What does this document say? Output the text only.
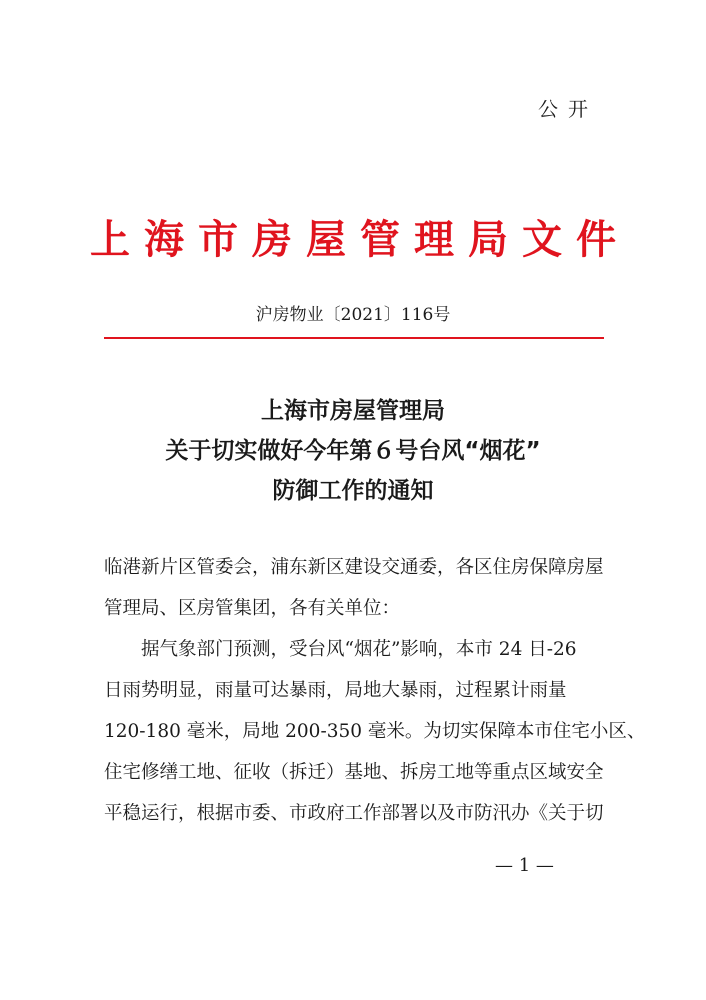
公开
上海市房屋管理局文件
沪房物业〔2021〕116号
上海市房屋管理局
关于切实做好今年第６号台风“烟花”
防御工作的通知
临港新片区管委会，浦东新区建设交通委，各区住房保障房屋
管理局、区房管集团，各有关单位：
　　据气象部门预测，受台风“烟花”影响，本市 24 日-26
日雨势明显，雨量可达暴雨，局地大暴雨，过程累计雨量
120-180 毫米，局地 200-350 毫米。为切实保障本市住宅小区、
住宅修缮工地、征收（拆迁）基地、拆房工地等重点区域安全
平稳运行，根据市委、市政府工作部署以及市防汛办《关于切
— 1 —
